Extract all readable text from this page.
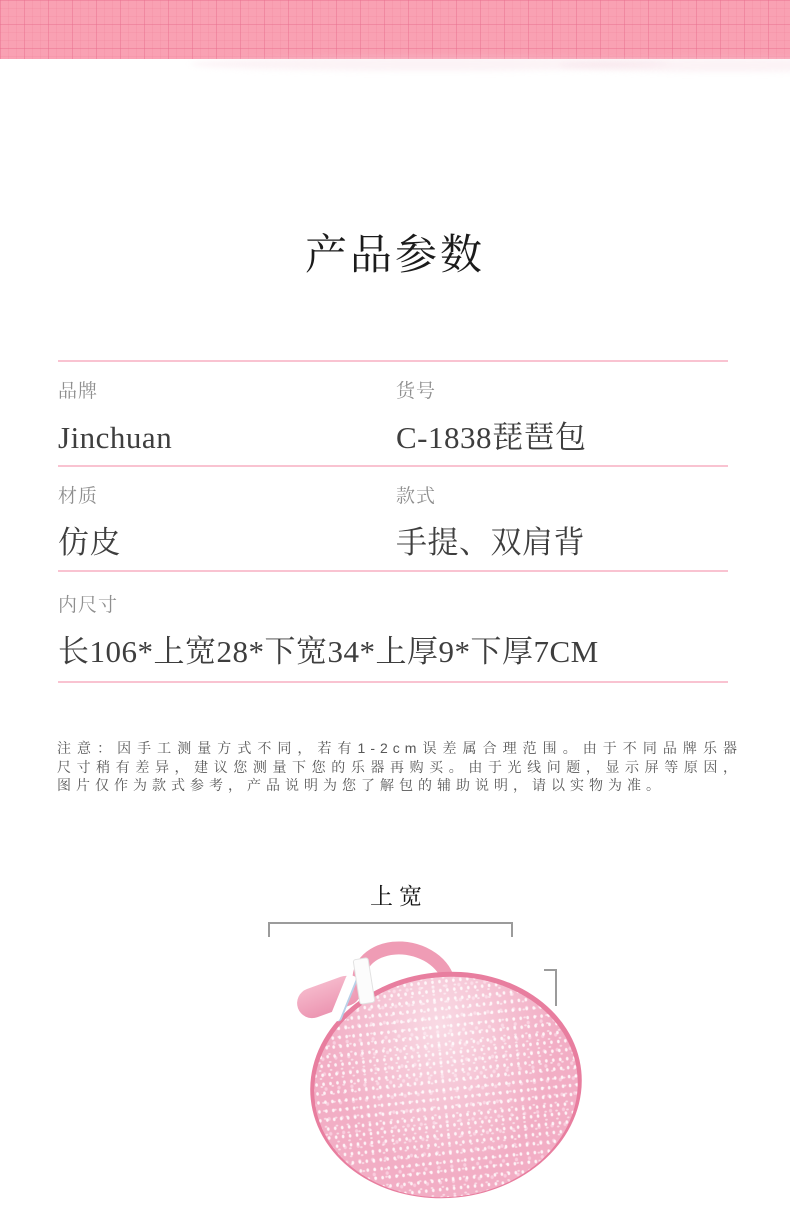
产品参数
品牌
Jinchuan
货号
C-1838琵琶包
材质
仿皮
款式
手提、双肩背
内尺寸
长106*上宽28*下宽34*上厚9*下厚7CM
注意：因手工测量方式不同，若有1-2cm误差属合理范围。由于不同品牌乐器
尺寸稍有差异，建议您测量下您的乐器再购买。由于光线问题，显示屏等原因，
图片仅作为款式参考，产品说明为您了解包的辅助说明，请以实物为准。
上宽
